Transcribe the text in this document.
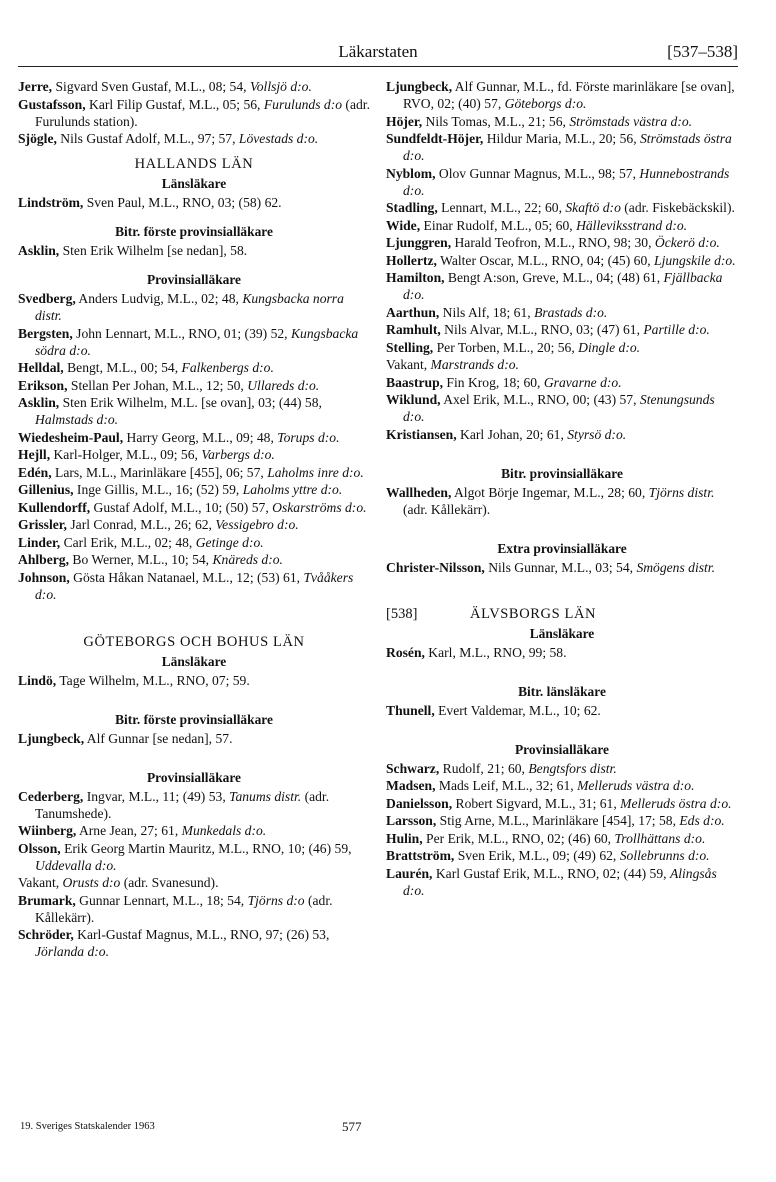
Läkarstaten	[537–538]
Jerre, Sigvard Sven Gustaf, M.L., 08; 54, Vollsjö d:o.
Gustafsson, Karl Filip Gustaf, M.L., 05; 56, Furulunds d:o (adr. Furulunds station).
Sjögle, Nils Gustaf Adolf, M.L., 97; 57, Lövestads d:o.
HALLANDS LÄN
Länsläkare
Lindström, Sven Paul, M.L., RNO, 03; (58) 62.
Bitr. förste provinsialläkare
Asklin, Sten Erik Wilhelm [se nedan], 58.
Provinsialläkare
Svedberg, Anders Ludvig, M.L., 02; 48, Kungsbacka norra distr.
Bergsten, John Lennart, M.L., RNO, 01; (39) 52, Kungsbacka södra d:o.
Helldal, Bengt, M.L., 00; 54, Falkenbergs d:o.
Erikson, Stellan Per Johan, M.L., 12; 50, Ullareds d:o.
Asklin, Sten Erik Wilhelm, M.L. [se ovan], 03; (44) 58, Halmstads d:o.
Wiedesheim-Paul, Harry Georg, M.L., 09; 48, Torups d:o.
Hejll, Karl-Holger, M.L., 09; 56, Varbergs d:o.
Edén, Lars, M.L., Marinläkare [455], 06; 57, Laholms inre d:o.
Gillenius, Inge Gillis, M.L., 16; (52) 59, Laholms yttre d:o.
Kullendorff, Gustaf Adolf, M.L., 10; (50) 57, Oskarströms d:o.
Grissler, Jarl Conrad, M.L., 26; 62, Vessigebro d:o.
Linder, Carl Erik, M.L., 02; 48, Getinge d:o.
Ahlberg, Bo Werner, M.L., 10; 54, Knäreds d:o.
Johnson, Gösta Håkan Natanael, M.L., 12; (53) 61, Tvååkers d:o.
GÖTEBORGS OCH BOHUS LÄN
Länsläkare
Lindö, Tage Wilhelm, M.L., RNO, 07; 59.
Bitr. förste provinsialläkare
Ljungbeck, Alf Gunnar [se nedan], 57.
Provinsialläkare
Cederberg, Ingvar, M.L., 11; (49) 53, Tanums distr. (adr. Tanumshede).
Wiinberg, Arne Jean, 27; 61, Munkedals d:o.
Olsson, Erik Georg Martin Mauritz, M.L., RNO, 10; (46) 59, Uddevalla d:o.
Vakant, Orusts d:o (adr. Svanesund).
Brumark, Gunnar Lennart, M.L., 18; 54, Tjörns d:o (adr. Kållekärr).
Schröder, Karl-Gustaf Magnus, M.L., RNO, 97; (26) 53, Jörlanda d:o.
Ljungbeck, Alf Gunnar, M.L., fd. Förste marinläkare [se ovan], RVO, 02; (40) 57, Göteborgs d:o.
Höjer, Nils Tomas, M.L., 21; 56, Strömstads västra d:o.
Sundfeldt-Höjer, Hildur Maria, M.L., 20; 56, Strömstads östra d:o.
Nyblom, Olov Gunnar Magnus, M.L., 98; 57, Hunnebostrands d:o.
Stadling, Lennart, M.L., 22; 60, Skaftö d:o (adr. Fiskebäckskil).
Wide, Einar Rudolf, M.L., 05; 60, Hälleviksstrand d:o.
Ljunggren, Harald Teofron, M.L., RNO, 98; 30, Öckerö d:o.
Hollertz, Walter Oscar, M.L., RNO, 04; (45) 60, Ljungskile d:o.
Hamilton, Bengt A:son, Greve, M.L., 04; (48) 61, Fjällbacka d:o.
Aarthun, Nils Alf, 18; 61, Brastads d:o.
Ramhult, Nils Alvar, M.L., RNO, 03; (47) 61, Partille d:o.
Stelling, Per Torben, M.L., 20; 56, Dingle d:o.
Vakant, Marstrands d:o.
Baastrup, Fin Krog, 18; 60, Gravarne d:o.
Wiklund, Axel Erik, M.L., RNO, 00; (43) 57, Stenungsunds d:o.
Kristiansen, Karl Johan, 20; 61, Styrsö d:o.
Bitr. provinsialläkare
Wallheden, Algot Börje Ingemar, M.L., 28; 60, Tjörns distr. (adr. Kållekärr).
Extra provinsialläkare
Christer-Nilsson, Nils Gunnar, M.L., 03; 54, Smögens distr.
[538]	ÄLVSBORGS LÄN
Länsläkare
Rosén, Karl, M.L., RNO, 99; 58.
Bitr. länsläkare
Thunell, Evert Valdemar, M.L., 10; 62.
Provinsialläkare
Schwarz, Rudolf, 21; 60, Bengtsfors distr.
Madsen, Mads Leif, M.L., 32; 61, Melleruds västra d:o.
Danielsson, Robert Sigvard, M.L., 31; 61, Melleruds östra d:o.
Larsson, Stig Arne, M.L., Marinläkare [454], 17; 58, Eds d:o.
Hulin, Per Erik, M.L., RNO, 02; (46) 60, Trollhättans d:o.
Brattström, Sven Erik, M.L., 09; (49) 62, Sollebrunns d:o.
Laurén, Karl Gustaf Erik, M.L., RNO, 02; (44) 59, Alingsås d:o.
19. Sveriges Statskalender 1963	577
